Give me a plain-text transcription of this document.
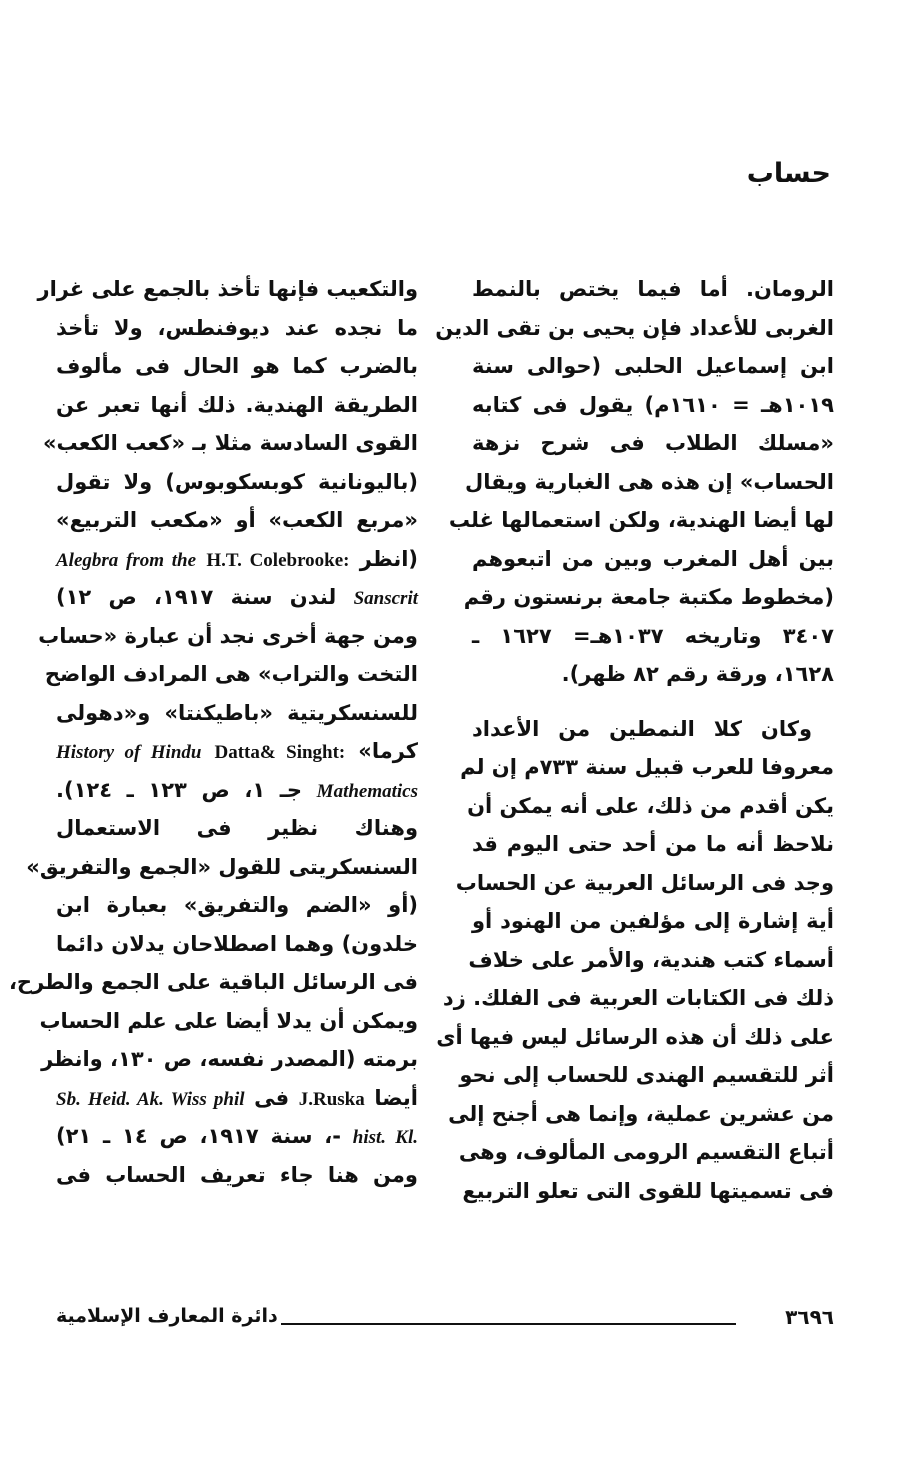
حساب
الرومان. أما فيما يختص بالنمط
الغربى للأعداد فإن يحيى بن تقى الدين
ابن إسماعيل الحلبى (حوالى سنة
١٠١٩هـ = ١٦١٠م) يقول فى كتابه
«مسلك الطلاب فى شرح نزهة
الحساب» إن هذه هى الغبارية ويقال
لها أيضا الهندية، ولكن استعمالها غلب
بين أهل المغرب وبين من اتبعوهم
(مخطوط مكتبة جامعة برنستون رقم
٣٤٠٧ وتاريخه ١٠٣٧هـ= ١٦٢٧ ـ
١٦٢٨، ورقة رقم ٨٢ ظهر).
وكان كلا النمطين من الأعداد
معروفا للعرب قبيل سنة ٧٣٣م إن لم
يكن أقدم من ذلك، على أنه يمكن أن
نلاحظ أنه ما من أحد حتى اليوم قد
وجد فى الرسائل العربية عن الحساب
أية إشارة إلى مؤلفين من الهنود أو
أسماء كتب هندية، والأمر على خلاف
ذلك فى الكتابات العربية فى الفلك. زد
على ذلك أن هذه الرسائل ليس فيها أى
أثر للتقسيم الهندى للحساب إلى نحو
من عشرين عملية، وإنما هى أجنح إلى
أتباع التقسيم الرومى المألوف، وهى
فى تسميتها للقوى التى تعلو التربيع
والتكعيب فإنها تأخذ بالجمع على غرار
ما نجده عند ديوفنطس، ولا تأخذ
بالضرب كما هو الحال فى مألوف
الطريقة الهندية. ذلك أنها تعبر عن
القوى السادسة مثلا بـ «كعب الكعب»
(باليونانية كوبسكوبوس) ولا تقول
«مربع الكعب» أو «مكعب التربيع»
(انظر H.T. Colebrooke: Alegbra from the
Sanscrit لندن سنة ١٩١٧، ص ١٢)
ومن جهة أخرى نجد أن عبارة «حساب
التخت والتراب» هى المرادف الواضح
للسنسكريتية «باطيكنتا» و«دهولى
كرما» Datta& Singht: History of Hindu
Mathematics جـ ١، ص ١٢٣ ـ ١٢٤).
وهناك نظير فى الاستعمال
السنسكريتى للقول «الجمع والتفريق»
(أو «الضم والتفريق» بعبارة ابن
خلدون) وهما اصطلاحان يدلان دائما
فى الرسائل الباقية على الجمع والطرح،
ويمكن أن يدلا أيضا على علم الحساب
برمته (المصدر نفسه، ص ١٣٠، وانظر
أيضا J.Ruska فى Sb. Heid. Ak. Wiss phil
hist. Kl. -، سنة ١٩١٧، ص ١٤ ـ ٢١)
ومن هنا جاء تعريف الحساب فى
دائرة المعارف الإسلامية	٣٦٩٦
